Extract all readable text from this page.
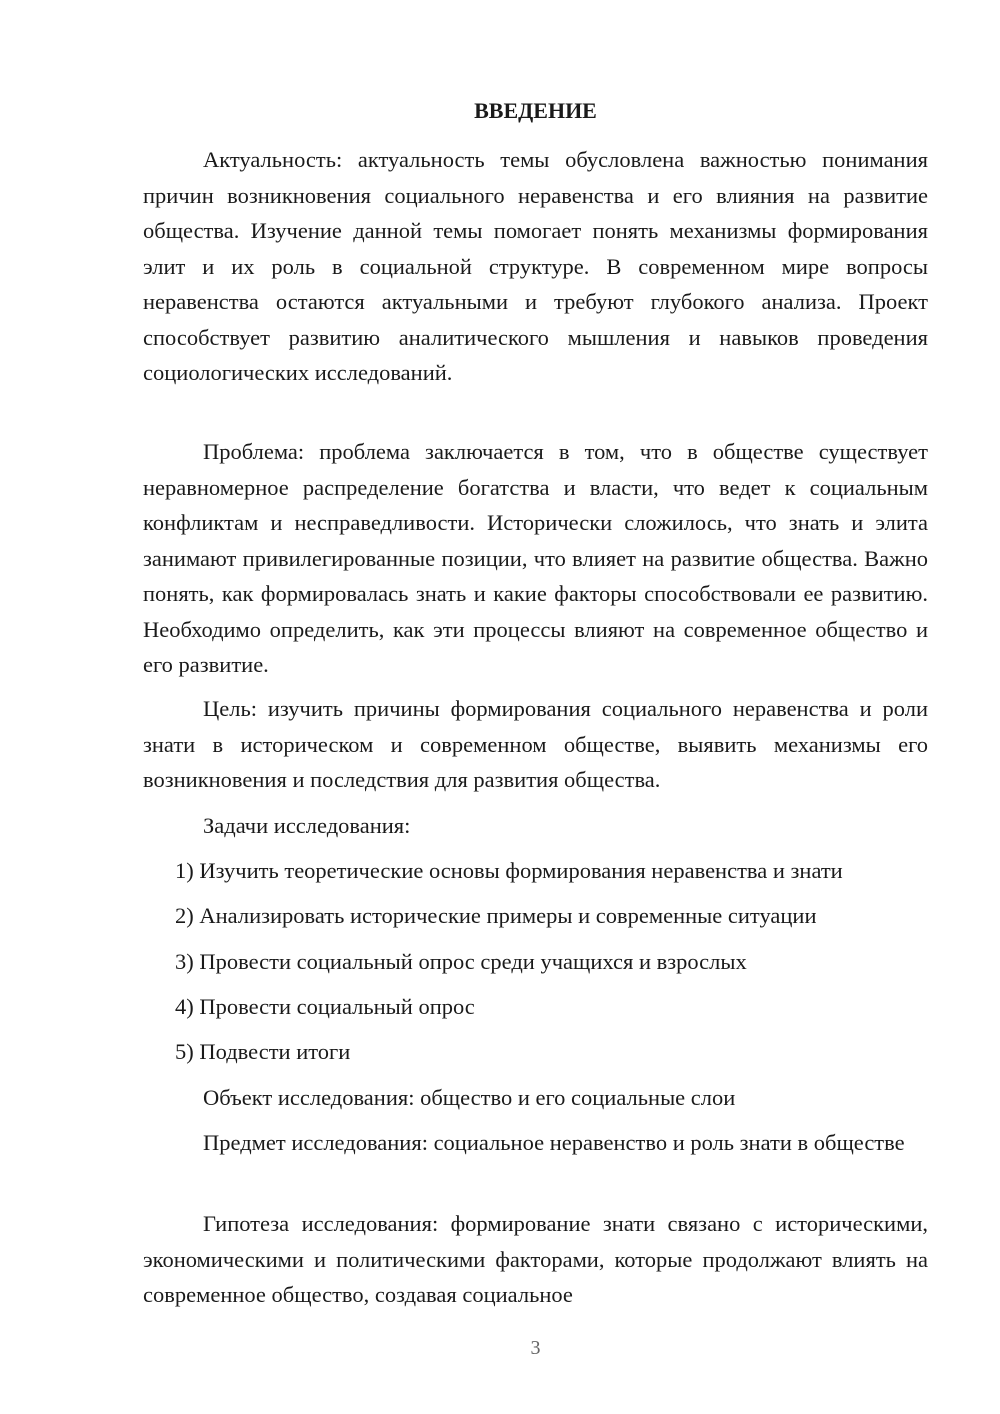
ВВЕДЕНИЕ

Актуальность: актуальность темы обусловлена важностью понимания причин возникновения социального неравенства и его влияния на развитие общества. Изучение данной темы помогает понять механизмы формирования элит и их роль в социальной структуре. В современном мире вопросы неравенства остаются актуальными и требуют глубокого анализа. Проект способствует развитию аналитического мышления и навыков проведения социологических исследований.

Проблема: проблема заключается в том, что в обществе существует неравномерное распределение богатства и власти, что ведет к социальным конфликтам и несправедливости. Исторически сложилось, что знать и элита занимают привилегированные позиции, что влияет на развитие общества. Важно понять, как формировалась знать и какие факторы способствовали ее развитию. Необходимо определить, как эти процессы влияют на современное общество и его развитие.

Цель: изучить причины формирования социального неравенства и роли знати в историческом и современном обществе, выявить механизмы его возникновения и последствия для развития общества.

Задачи исследования:

1) Изучить теоретические основы формирования неравенства и знати

2) Анализировать исторические примеры и современные ситуации

3) Провести социальный опрос среди учащихся и взрослых

4) Провести социальный опрос

5) Подвести итоги

Объект исследования: общество и его социальные слои

Предмет исследования: социальное неравенство и роль знати в обществе

Гипотеза исследования: формирование знати связано с историческими, экономическими и политическими факторами, которые продолжают влиять на современное общество, создавая социальное

3
